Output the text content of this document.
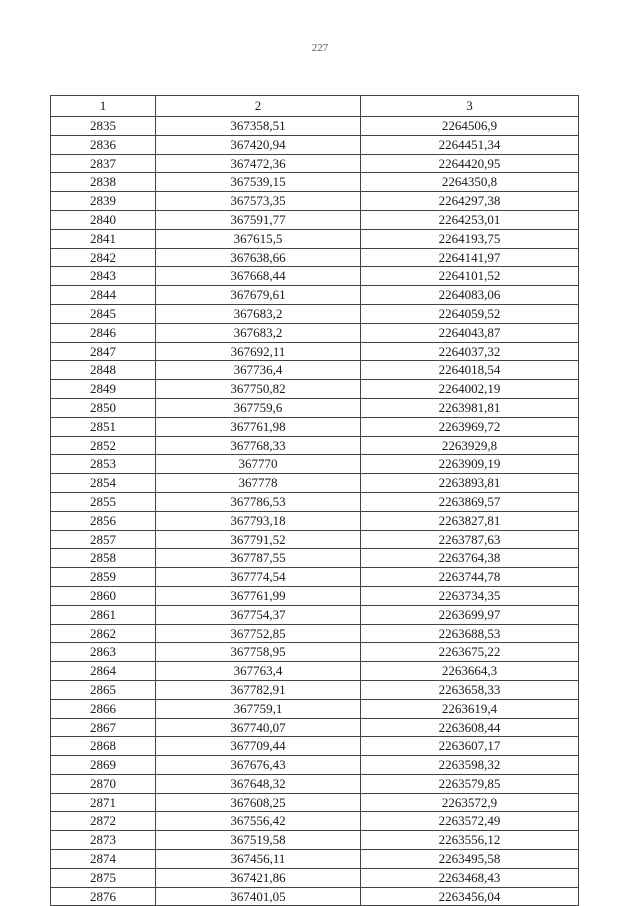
227
1	2	3
2835	367358,51	2264506,9
2836	367420,94	2264451,34
2837	367472,36	2264420,95
2838	367539,15	2264350,8
2839	367573,35	2264297,38
2840	367591,77	2264253,01
2841	367615,5	2264193,75
2842	367638,66	2264141,97
2843	367668,44	2264101,52
2844	367679,61	2264083,06
2845	367683,2	2264059,52
2846	367683,2	2264043,87
2847	367692,11	2264037,32
2848	367736,4	2264018,54
2849	367750,82	2264002,19
2850	367759,6	2263981,81
2851	367761,98	2263969,72
2852	367768,33	2263929,8
2853	367770	2263909,19
2854	367778	2263893,81
2855	367786,53	2263869,57
2856	367793,18	2263827,81
2857	367791,52	2263787,63
2858	367787,55	2263764,38
2859	367774,54	2263744,78
2860	367761,99	2263734,35
2861	367754,37	2263699,97
2862	367752,85	2263688,53
2863	367758,95	2263675,22
2864	367763,4	2263664,3
2865	367782,91	2263658,33
2866	367759,1	2263619,4
2867	367740,07	2263608,44
2868	367709,44	2263607,17
2869	367676,43	2263598,32
2870	367648,32	2263579,85
2871	367608,25	2263572,9
2872	367556,42	2263572,49
2873	367519,58	2263556,12
2874	367456,11	2263495,58
2875	367421,86	2263468,43
2876	367401,05	2263456,04
